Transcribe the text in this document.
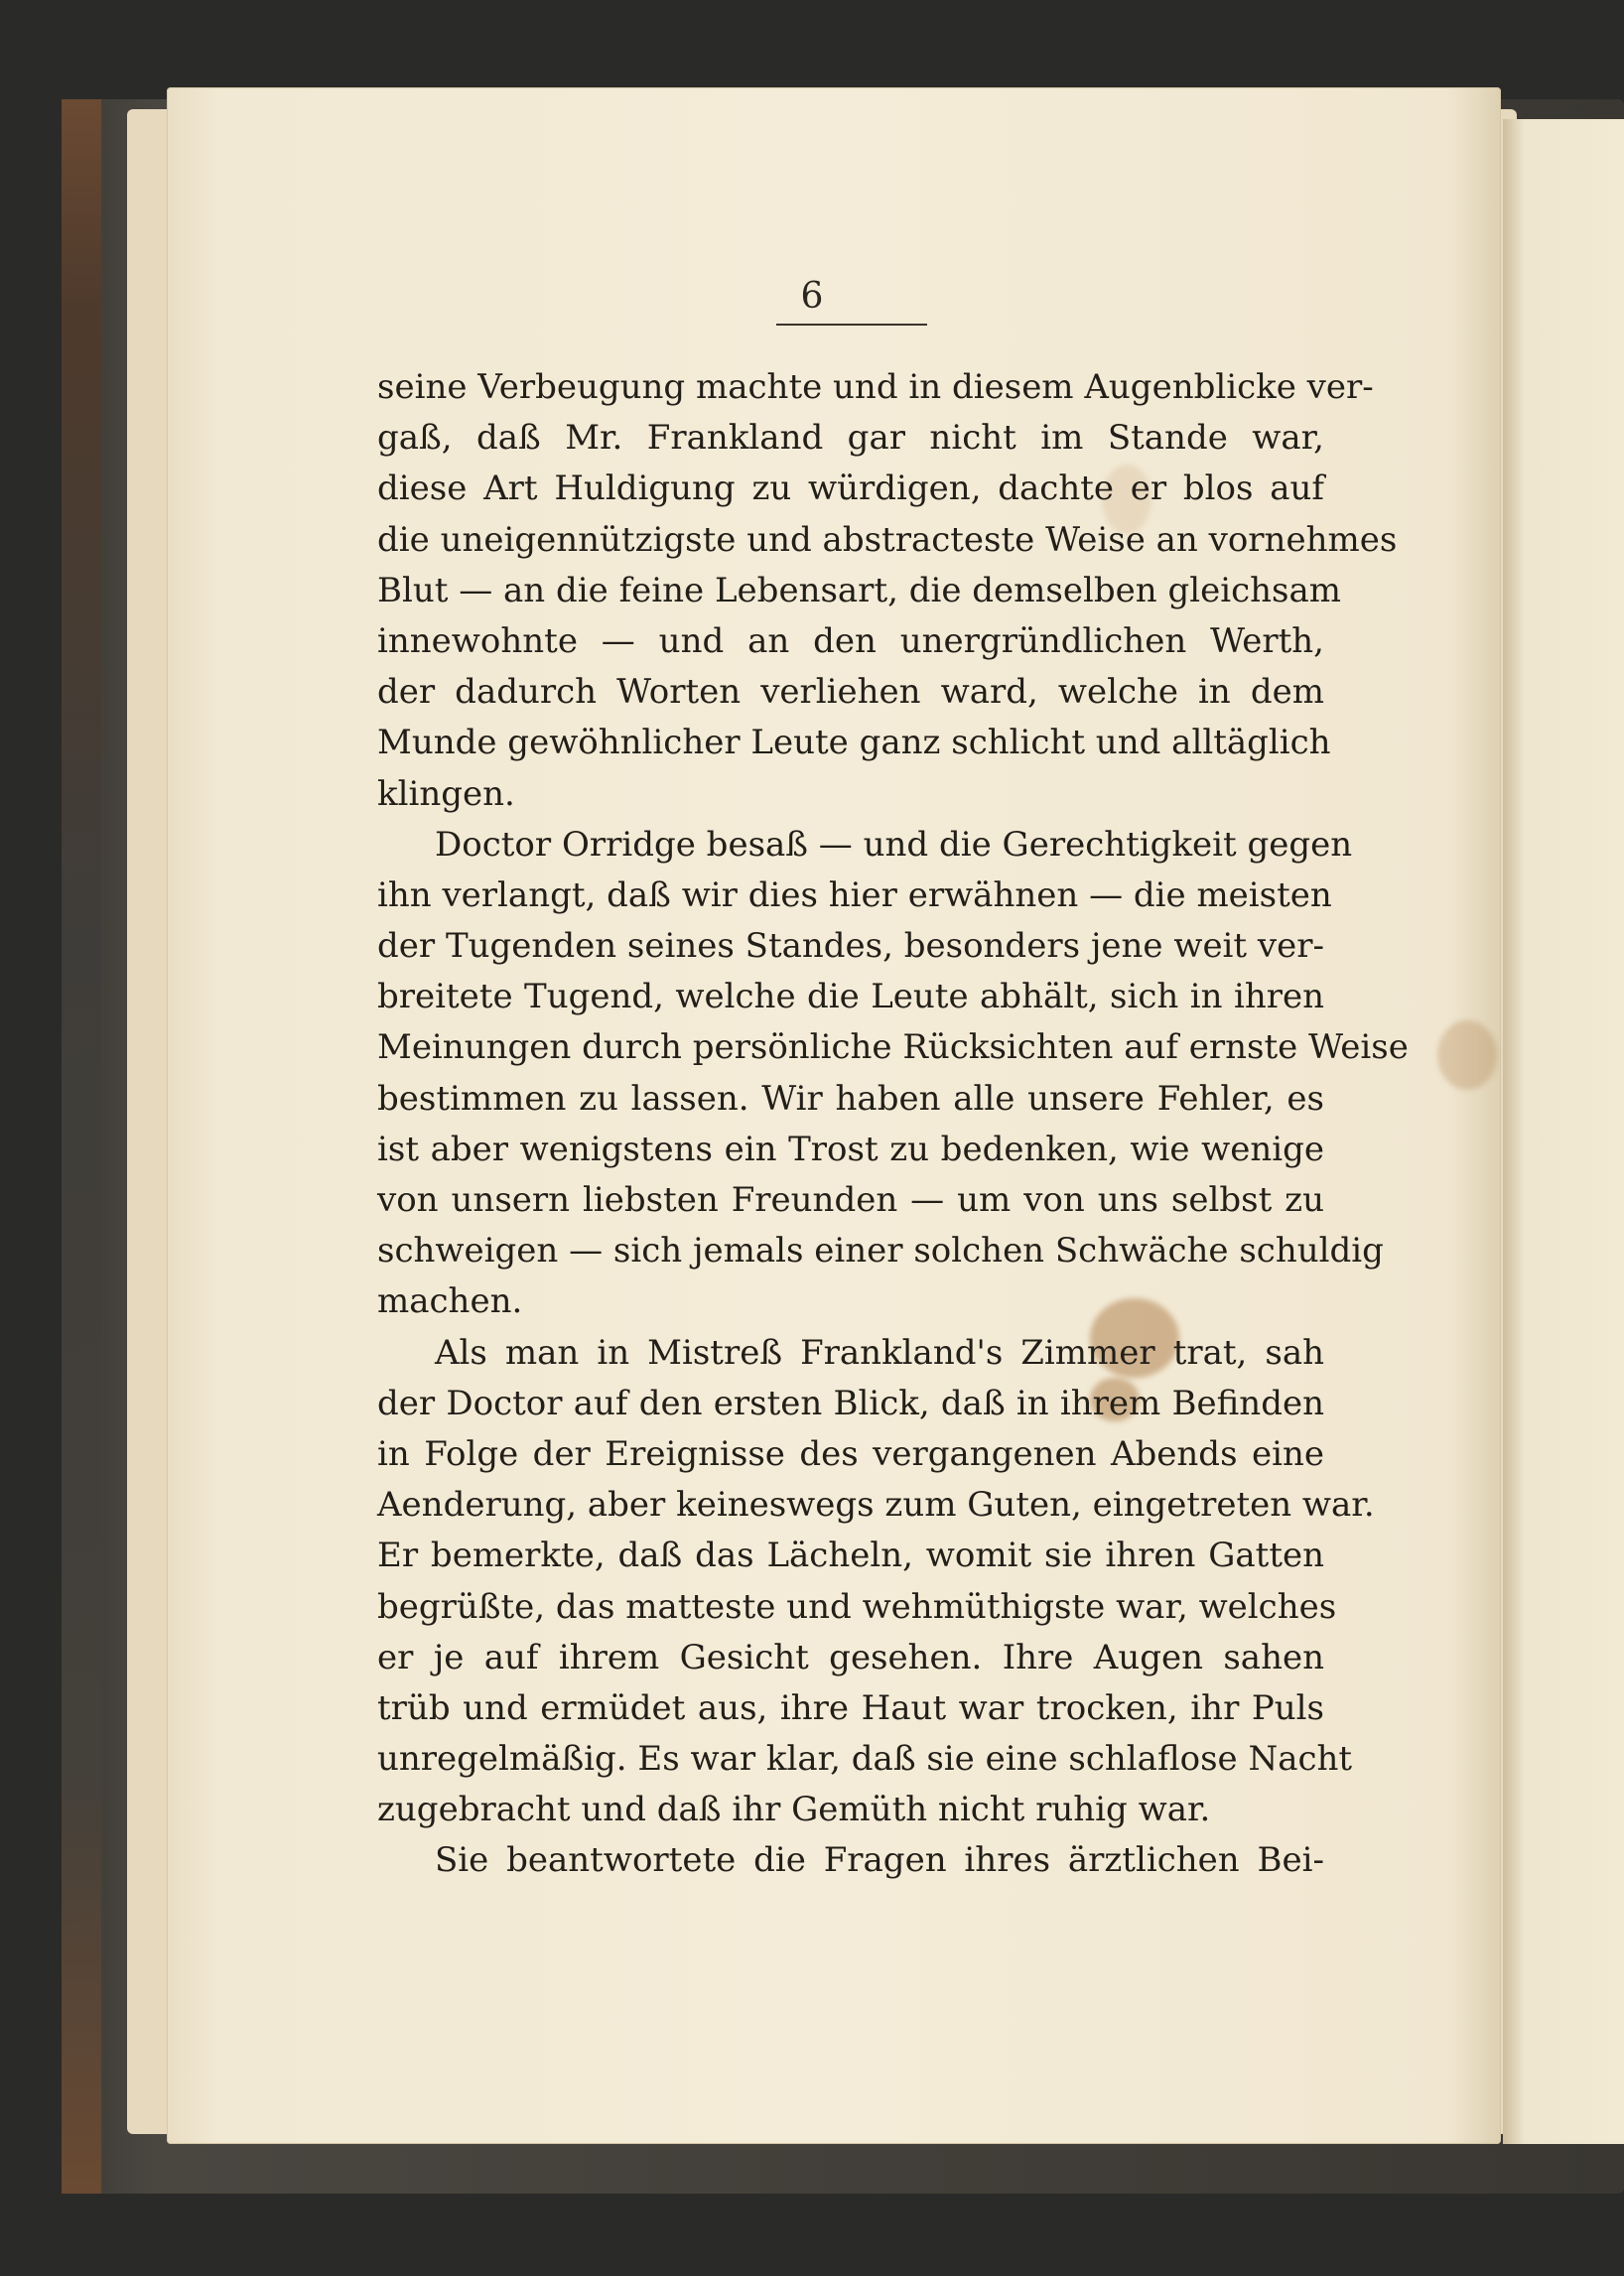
6
seine Verbeugung machte und in diesem Augenblicke ver-
gaß, daß Mr. Frankland gar nicht im Stande war,
diese Art Huldigung zu würdigen, dachte er blos auf
die uneigennützigste und abstracteste Weise an vornehmes
Blut — an die feine Lebensart, die demselben gleichsam
innewohnte — und an den unergründlichen Werth,
der dadurch Worten verliehen ward, welche in dem
Munde gewöhnlicher Leute ganz schlicht und alltäglich
klingen.
Doctor Orridge besaß — und die Gerechtigkeit gegen
ihn verlangt, daß wir dies hier erwähnen — die meisten
der Tugenden seines Standes, besonders jene weit ver-
breitete Tugend, welche die Leute abhält, sich in ihren
Meinungen durch persönliche Rücksichten auf ernste Weise
bestimmen zu lassen. Wir haben alle unsere Fehler, es
ist aber wenigstens ein Trost zu bedenken, wie wenige
von unsern liebsten Freunden — um von uns selbst zu
schweigen — sich jemals einer solchen Schwäche schuldig
machen.
Als man in Mistreß Frankland's Zimmer trat, sah
der Doctor auf den ersten Blick, daß in ihrem Befinden
in Folge der Ereignisse des vergangenen Abends eine
Aenderung, aber keineswegs zum Guten, eingetreten war.
Er bemerkte, daß das Lächeln, womit sie ihren Gatten
begrüßte, das matteste und wehmüthigste war, welches
er je auf ihrem Gesicht gesehen. Ihre Augen sahen
trüb und ermüdet aus, ihre Haut war trocken, ihr Puls
unregelmäßig. Es war klar, daß sie eine schlaflose Nacht
zugebracht und daß ihr Gemüth nicht ruhig war.
Sie beantwortete die Fragen ihres ärztlichen Bei-
